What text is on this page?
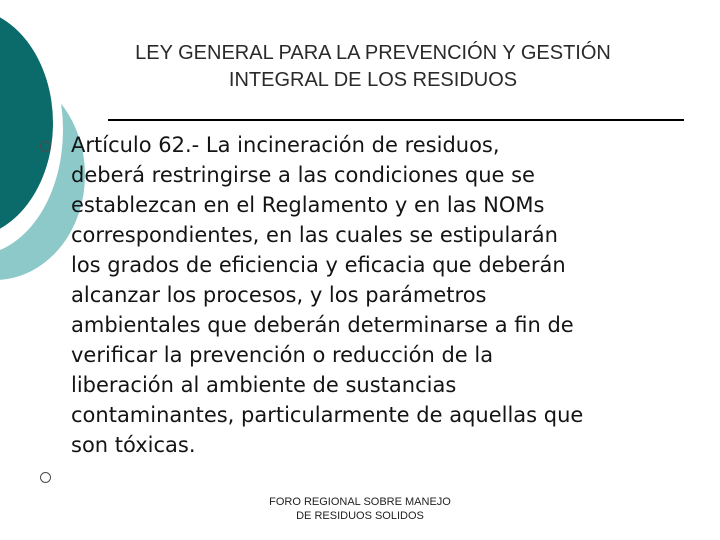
LEY GENERAL PARA LA PREVENCIÓN Y GESTIÓN
INTEGRAL DE LOS RESIDUOS

Artículo 62.- La incineración de residuos,
deberá restringirse a las condiciones que se
establezcan en el Reglamento y en las NOMs
correspondientes, en las cuales se estipularán
los grados de eficiencia y eficacia que deberán
alcanzar los procesos, y los parámetros
ambientales que deberán determinarse a fin de
verificar la prevención o reducción de la
liberación al ambiente de sustancias
contaminantes, particularmente de aquellas que
son tóxicas.

FORO REGIONAL SOBRE MANEJO
DE RESIDUOS SOLIDOS
